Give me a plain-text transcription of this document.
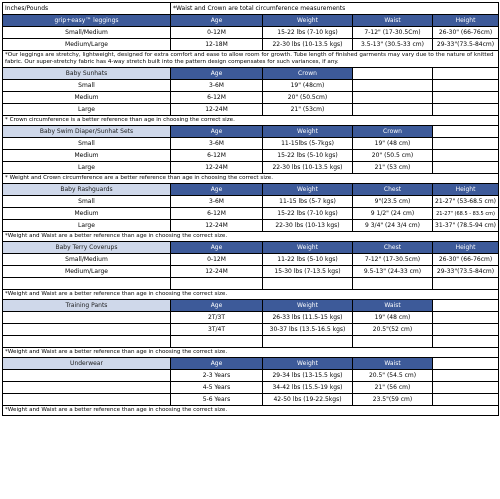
Inches/Pounds	*Waist and Crown are total circumference measurements			
grip+easy™ leggings	Age	Weight	Waist	Height
Small/Medium	0-12M	15-22 lbs (7-10 kgs)	7-12" (17-30.5Cm)	26-30" (66-76cm)
Medium/Large	12-18M	22-30 lbs (10-13.5 kgs)	3.5-13" (30.5-33 cm)	29-33"(73.5-84cm)
*Our leggings are stretchy, lightweight, designed for extra comfort and ease to allow room for growth. Tube length of finished garments may vary due to the nature of knitted fabric. Our super-stretchy fabric has 4-way stretch built into the pattern design compensates for such variances, if any.				
Baby Sunhats	Age	Crown		
Small	3-6M	19" (48cm)		
Medium	6-12M	20" (50.5cm)		
Large	12-24M	21" (53cm)		
* Crown circumference is a better reference than age in choosing the correct size.				
Baby Swim Diaper/Sunhat Sets	Age	Weight	Crown	
Small	3-6M	11-15lbs (5-7kgs)	19" (48 cm)	
Medium	6-12M	15-22 lbs (5-10 kgs)	20" (50.5 cm)	
Large	12-24M	22-30 lbs (10-13.5 kgs)	21" (53 cm)	
* Weight and Crown circumference are a better reference than age in choosing the correct size.				
Baby Rashguards	Age	Weight	Chest	Height
Small	3-6M	11-15 lbs (5-7 kgs)	9"(23.5 cm)	21-27" (53-68.5 cm)
Medium	6-12M	15-22 lbs (7-10 kgs)	9 1/2" (24 cm)	21-27" (68.5 - 83.5 cm)
Large	12-24M	22-30 lbs (10-13 kgs)	9 3/4" (24 3/4 cm)	31-37" (78.5-94 cm)
*Weight and Waist are a better reference than age in choosing the correct size.				
Baby Terry Coverups	Age	Weight	Chest	Height
Small/Medium	0-12M	11-22 lbs (5-10 kgs)	7-12" (17-30.5cm)	26-30" (66-76cm)
Medium/Large	12-24M	15-30 lbs (7-13.5 kgs)	9.5-13" (24-33 cm)	29-33"(73.5-84cm)

*Weight and Waist are a better reference than age in choosing the correct size.				
Training Pants	Age	Weight	Waist	
	2T/3T	26-33 lbs (11.5-15 kgs)	19" (48 cm)	
	3T/4T	30-37 lbs (13.5-16.5 kgs)	20.5"(52 cm)	

*Weight and Waist are a better reference than age in choosing the correct size.				
Underwear	Age	Weight	Waist	
	2-3 Years	29-34 lbs (13-15.5 kgs)	20.5" (54.5 cm)	
	4-5 Years	34-42 lbs (15.5-19 kgs)	21" (56 cm)	
	5-6 Years	42-50 lbs (19-22.5kgs)	23.5"(59 cm)	
*Weight and Waist are a better reference than age in choosing the correct size.				
